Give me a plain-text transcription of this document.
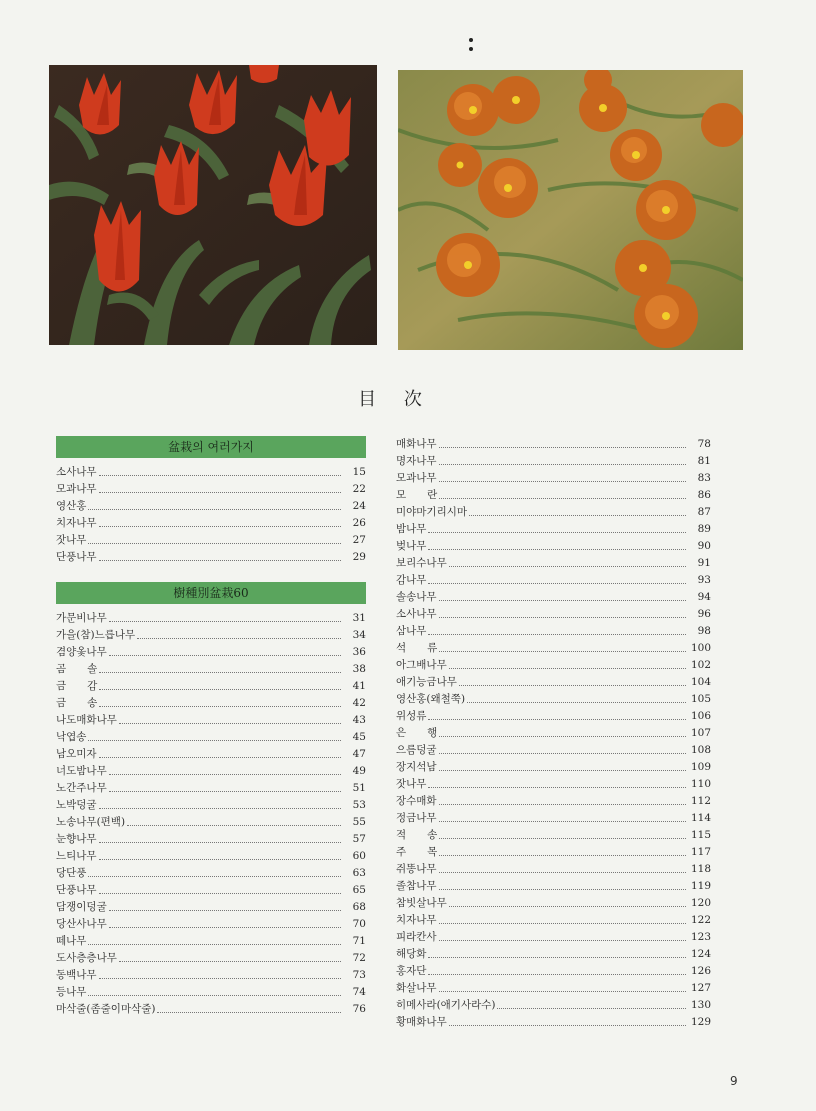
目 次
盆栽의 여러가지
소사나무	15
모과나무	22
영산홍	24
치자나무	26
잣나무	27
단풍나무	29
樹種別盆栽60
가문비나무	31
가을(참)느릅나무	34
겸양옻나무	36
곰　　솔	38
금　　감	41
금　　송	42
나도매화나무	43
낙엽송	45
남오미자	47
너도밤나무	49
노간주나무	51
노박덩굴	53
노송나무(편백)	55
눈향나무	57
느티나무	60
당단풍	63
단풍나무	65
담쟁이덩굴	68
당산사나무	70
떼나무	71
도사층층나무	72
동백나무	73
등나무	74
마삭줄(좀줄이마삭줄)	76
매화나무	78
명자나무	81
모과나무	83
모　　란	86
미야마기리시마	87
밤나무	89
벚나무	90
보리수나무	91
감나무	93
솔송나무	94
소사나무	96
삼나무	98
석　　류	100
아그배나무	102
애기능금나무	104
영산홍(왜철쭉)	105
위성류	106
은　　행	107
으름덩굴	108
장지석남	109
잣나무	110
장수매화	112
정금나무	114
적　　송	115
주　　목	117
쥐똥나무	118
졸참나무	119
참빗살나무	120
치자나무	122
피라칸사	123
해당화	124
홍자단	126
화살나무	127
히메사라(애기사라수)	130
황매화나무	129
9
